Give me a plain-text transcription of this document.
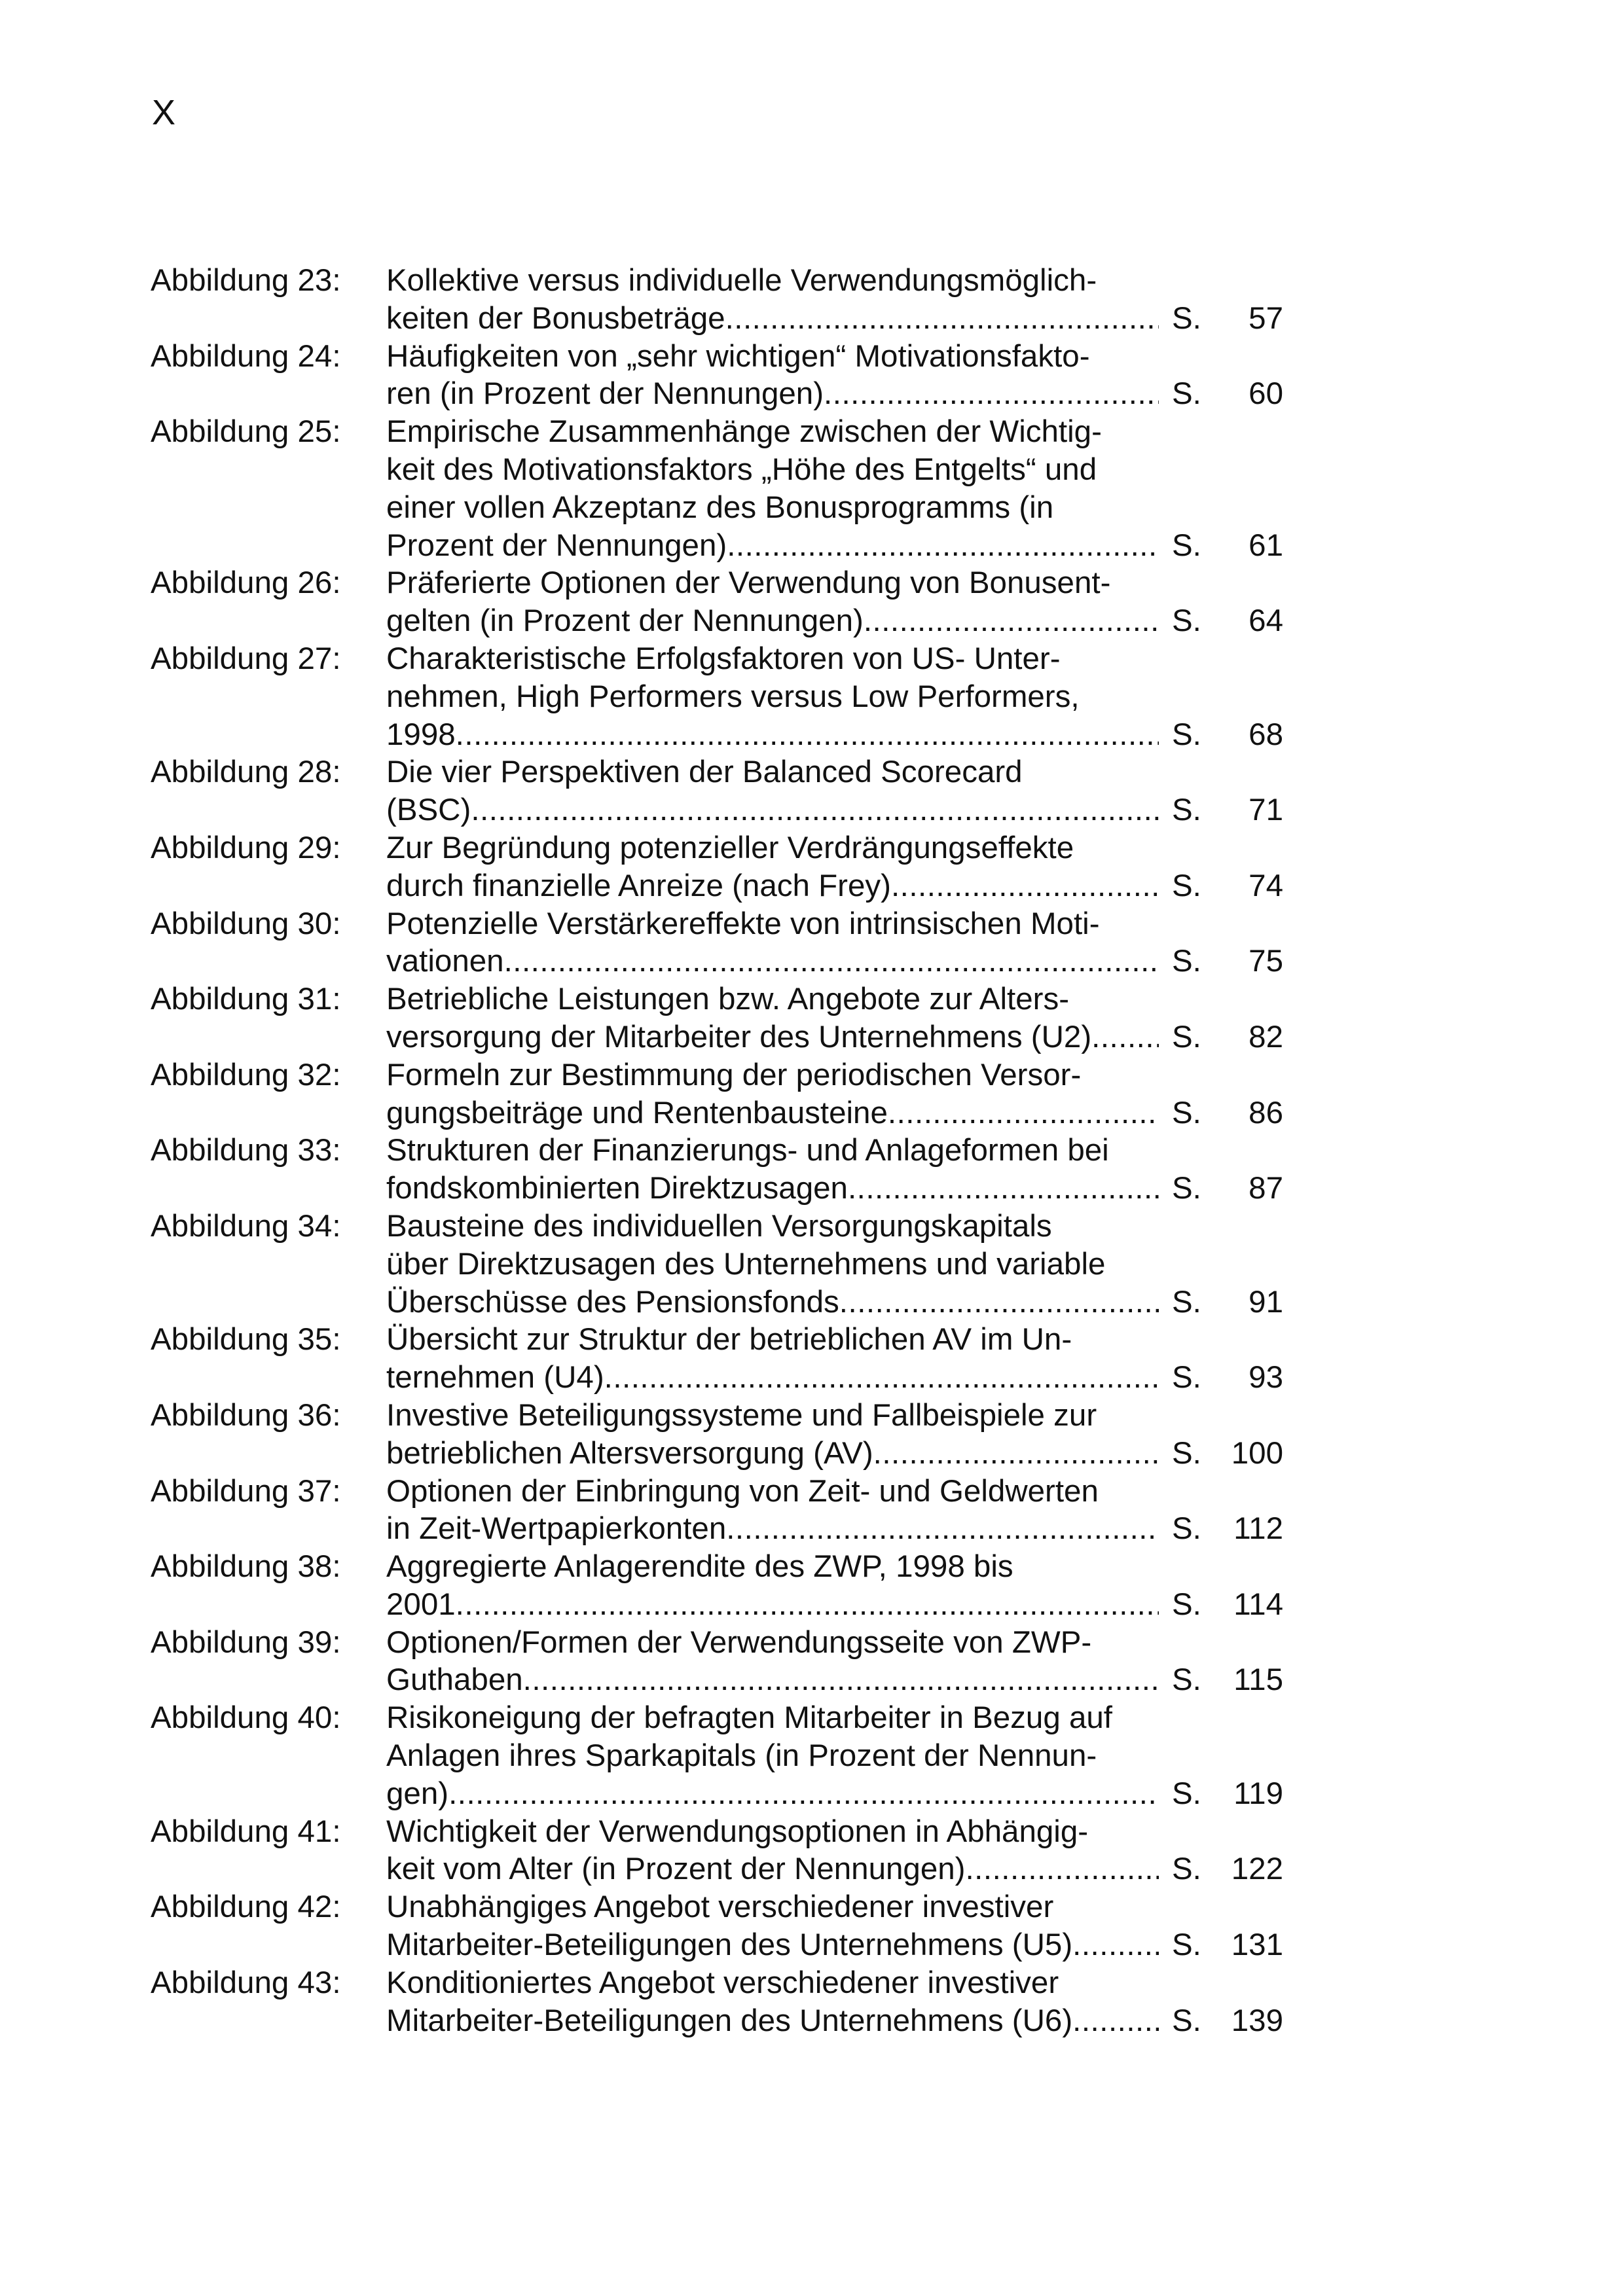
X
Abbildung 23:	Kollektive versus individuelle Verwendungsmöglich-
keiten der Bonusbeträge .....	S.	57
Abbildung 24:	Häufigkeiten von „sehr wichtigen“ Motivationsfakto-
ren (in Prozent der Nennungen) .....	S.	60
Abbildung 25:	Empirische Zusammenhänge zwischen der Wichtig-
keit des Motivationsfaktors „Höhe des Entgelts“ und
einer vollen Akzeptanz des Bonusprogramms (in
Prozent der Nennungen) .....	S.	61
Abbildung 26:	Präferierte Optionen der Verwendung von Bonusent-
gelten (in Prozent der Nennungen) .....	S.	64
Abbildung 27:	Charakteristische Erfolgsfaktoren von US- Unter-
nehmen, High Performers versus Low Performers,
1998 .....	S.	68
Abbildung 28:	Die vier Perspektiven der Balanced Scorecard
(BSC) .....	S.	71
Abbildung 29:	Zur Begründung potenzieller Verdrängungseffekte
durch finanzielle Anreize (nach Frey) .....	S.	74
Abbildung 30:	Potenzielle Verstärkereffekte von intrinsischen Moti-
vationen .....	S.	75
Abbildung 31:	Betriebliche Leistungen bzw. Angebote zur Alters-
versorgung der Mitarbeiter des Unternehmens (U2) .....	S.	82
Abbildung 32:	Formeln zur Bestimmung der periodischen Versor-
gungsbeiträge und Rentenbausteine .....	S.	86
Abbildung 33:	Strukturen der Finanzierungs- und Anlageformen bei
fondskombinierten Direktzusagen .....	S.	87
Abbildung 34:	Bausteine des individuellen Versorgungskapitals
über Direktzusagen des Unternehmens und variable
Überschüsse des Pensionsfonds .....	S.	91
Abbildung 35:	Übersicht zur Struktur der betrieblichen AV im Un-
ternehmen (U4) .....	S.	93
Abbildung 36:	Investive Beteiligungssysteme und Fallbeispiele zur
betrieblichen Altersversorgung (AV) .....	S. 100
Abbildung 37:	Optionen der Einbringung von Zeit- und Geldwerten
in Zeit-Wertpapierkonten .....	S.	112
Abbildung 38:	Aggregierte Anlagerendite des ZWP, 1998 bis
2001 .....	S.	114
Abbildung 39:	Optionen/Formen der Verwendungsseite von ZWP-
Guthaben .....	S.	115
Abbildung 40:	Risikoneigung der befragten Mitarbeiter in Bezug auf
Anlagen ihres Sparkapitals (in Prozent der Nennun-
gen) .....	S.	119
Abbildung 41:	Wichtigkeit der Verwendungsoptionen in Abhängig-
keit vom Alter (in Prozent der Nennungen) .....	S. 122
Abbildung 42:	Unabhängiges Angebot verschiedener investiver
Mitarbeiter-Beteiligungen des Unternehmens (U5) .....	S. 131
Abbildung 43:	Konditioniertes Angebot verschiedener investiver
Mitarbeiter-Beteiligungen des Unternehmens (U6) .....	S. 139
